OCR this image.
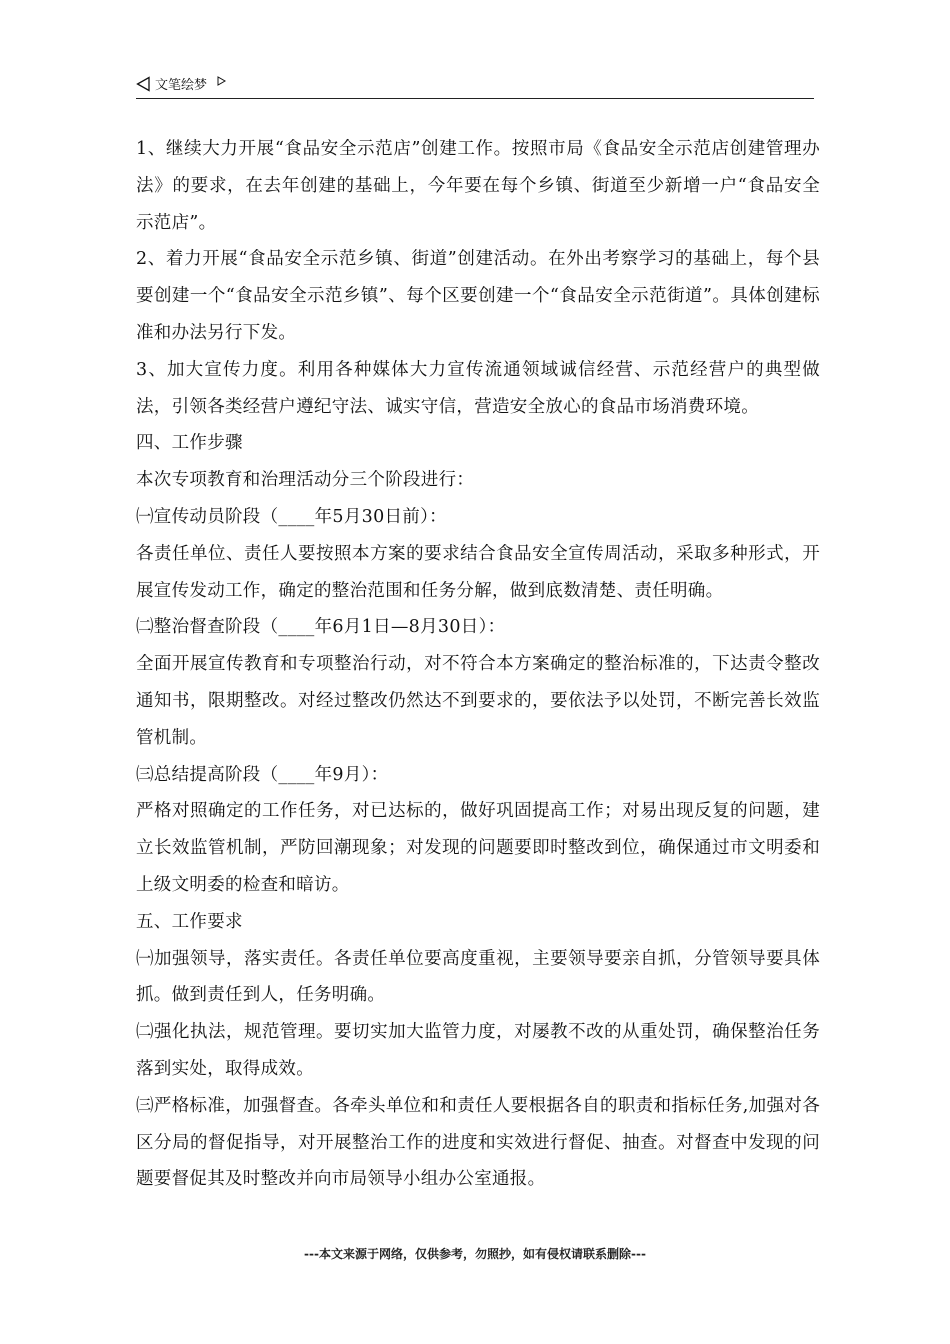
文笔绘梦

1、继续大力开展“食品安全示范店”创建工作。按照市局《食品安全示范店创建管理办法》的要求，在去年创建的基础上，今年要在每个乡镇、街道至少新增一户“食品安全示范店”。

2、着力开展“食品安全示范乡镇、街道”创建活动。在外出考察学习的基础上，每个县要创建一个“食品安全示范乡镇”、每个区要创建一个“食品安全示范街道”。具体创建标准和办法另行下发。

3、加大宣传力度。利用各种媒体大力宣传流通领域诚信经营、示范经营户的典型做法，引领各类经营户遵纪守法、诚实守信，营造安全放心的食品市场消费环境。

四、工作步骤

本次专项教育和治理活动分三个阶段进行：

㈠宣传动员阶段（____年5月30日前）：

各责任单位、责任人要按照本方案的要求结合食品安全宣传周活动，采取多种形式，开展宣传发动工作，确定的整治范围和任务分解，做到底数清楚、责任明确。

㈡整治督查阶段（____年6月1日—8月30日）：

全面开展宣传教育和专项整治行动，对不符合本方案确定的整治标准的，下达责令整改通知书，限期整改。对经过整改仍然达不到要求的，要依法予以处罚，不断完善长效监管机制。

㈢总结提高阶段（____年9月）：

严格对照确定的工作任务，对已达标的，做好巩固提高工作；对易出现反复的问题，建立长效监管机制，严防回潮现象；对发现的问题要即时整改到位，确保通过市文明委和上级文明委的检查和暗访。

五、工作要求

㈠加强领导，落实责任。各责任单位要高度重视，主要领导要亲自抓，分管领导要具体抓。做到责任到人，任务明确。

㈡强化执法，规范管理。要切实加大监管力度，对屡教不改的从重处罚，确保整治任务落到实处，取得成效。

㈢严格标准，加强督查。各牵头单位和和责任人要根据各自的职责和指标任务,加强对各区分局的督促指导，对开展整治工作的进度和实效进行督促、抽查。对督查中发现的问题要督促其及时整改并向市局领导小组办公室通报。

---本文来源于网络，仅供参考，勿照抄，如有侵权请联系删除---
